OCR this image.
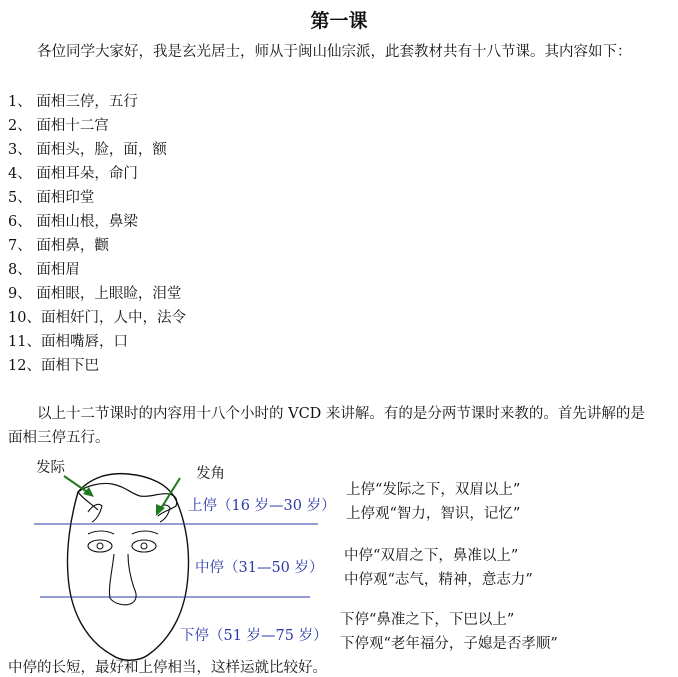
第一课

各位同学大家好，我是玄光居士，师从于闽山仙宗派，此套教材共有十八节课。其内容如下：

1、 面相三停，五行
2、 面相十二宫
3、 面相头，脸，面，额
4、 面相耳朵，命门
5、 面相印堂
6、 面相山根，鼻梁
7、 面相鼻，颧
8、 面相眉
9、 面相眼，上眼睑，泪堂
10、面相奸门，人中，法令
11、面相嘴唇，口
12、面相下巴

以上十二节课时的内容用十八个小时的 VCD 来讲解。有的是分两节课时来教的。首先讲解的是面相三停五行。

发际	发角
上停（16 岁—30 岁）
上停“发际之下，双眉以上”
上停观“智力，智识，记忆”
中停（31—50 岁）
中停“双眉之下，鼻准以上”
中停观“志气，精神，意志力”
下停（51 岁—75 岁）
下停“鼻准之下，下巴以上”
下停观“老年福分，子媳是否孝顺”
中停的长短，最好和上停相当，这样运就比较好。
